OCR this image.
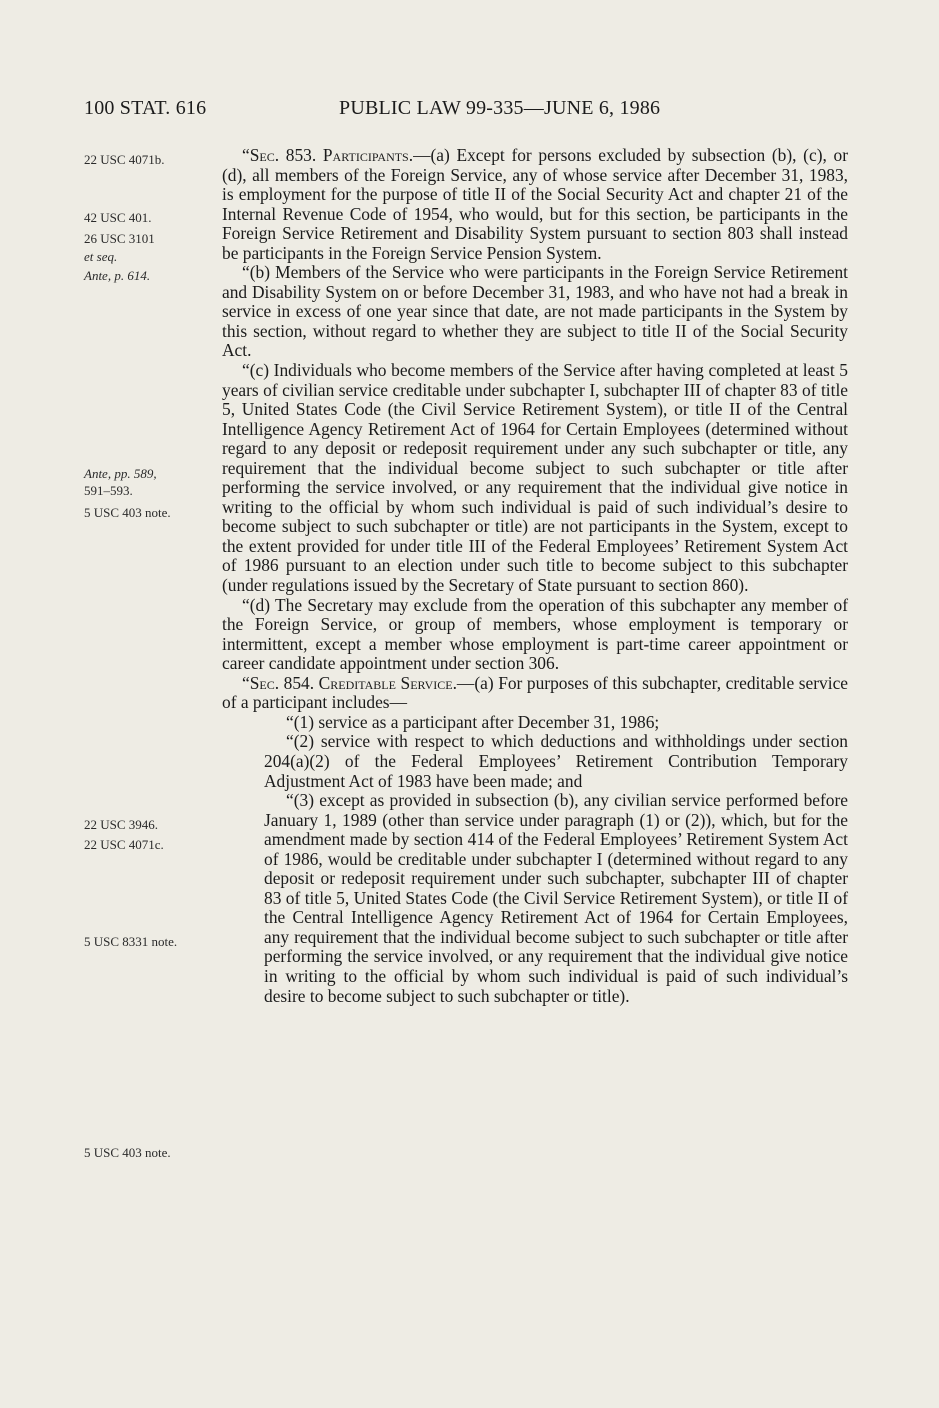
100 STAT. 616	PUBLIC LAW 99-335—JUNE 6, 1986
22 USC 4071b.
42 USC 401.
26 USC 3101
et seq.
Ante, p. 614.
Ante, pp. 589,
591–593.
5 USC 403 note.
22 USC 3946.
22 USC 4071c.
5 USC 8331 note.
5 USC 403 note.

“Sec. 853. Participants.—(a) Except for persons excluded by subsection (b), (c), or (d), all members of the Foreign Service, any of whose service after December 31, 1983, is employment for the purpose of title II of the Social Security Act and chapter 21 of the Internal Revenue Code of 1954, who would, but for this section, be participants in the Foreign Service Retirement and Disability System pursuant to section 803 shall instead be participants in the Foreign Service Pension System.

“(b) Members of the Service who were participants in the Foreign Service Retirement and Disability System on or before December 31, 1983, and who have not had a break in service in excess of one year since that date, are not made participants in the System by this section, without regard to whether they are subject to title II of the Social Security Act.

“(c) Individuals who become members of the Service after having completed at least 5 years of civilian service creditable under subchapter I, subchapter III of chapter 83 of title 5, United States Code (the Civil Service Retirement System), or title II of the Central Intelligence Agency Retirement Act of 1964 for Certain Employees (determined without regard to any deposit or redeposit requirement under any such subchapter or title, any requirement that the individual become subject to such subchapter or title after performing the service involved, or any requirement that the individual give notice in writing to the official by whom such individual is paid of such individual’s desire to become subject to such subchapter or title) are not participants in the System, except to the extent provided for under title III of the Federal Employees’ Retirement System Act of 1986 pursuant to an election under such title to become subject to this subchapter (under regulations issued by the Secretary of State pursuant to section 860).

“(d) The Secretary may exclude from the operation of this subchapter any member of the Foreign Service, or group of members, whose employment is temporary or intermittent, except a member whose employment is part-time career appointment or career candidate appointment under section 306.

“Sec. 854. Creditable Service.—(a) For purposes of this subchapter, creditable service of a participant includes—

“(1) service as a participant after December 31, 1986;

“(2) service with respect to which deductions and withholdings under section 204(a)(2) of the Federal Employees’ Retirement Contribution Temporary Adjustment Act of 1983 have been made; and

“(3) except as provided in subsection (b), any civilian service performed before January 1, 1989 (other than service under paragraph (1) or (2)), which, but for the amendment made by section 414 of the Federal Employees’ Retirement System Act of 1986, would be creditable under subchapter I (determined without regard to any deposit or redeposit requirement under such subchapter, subchapter III of chapter 83 of title 5, United States Code (the Civil Service Retirement System), or title II of the Central Intelligence Agency Retirement Act of 1964 for Certain Employees, any requirement that the individual become subject to such subchapter or title after performing the service involved, or any requirement that the individual give notice in writing to the official by whom such individual is paid of such individual’s desire to become subject to such subchapter or title).
